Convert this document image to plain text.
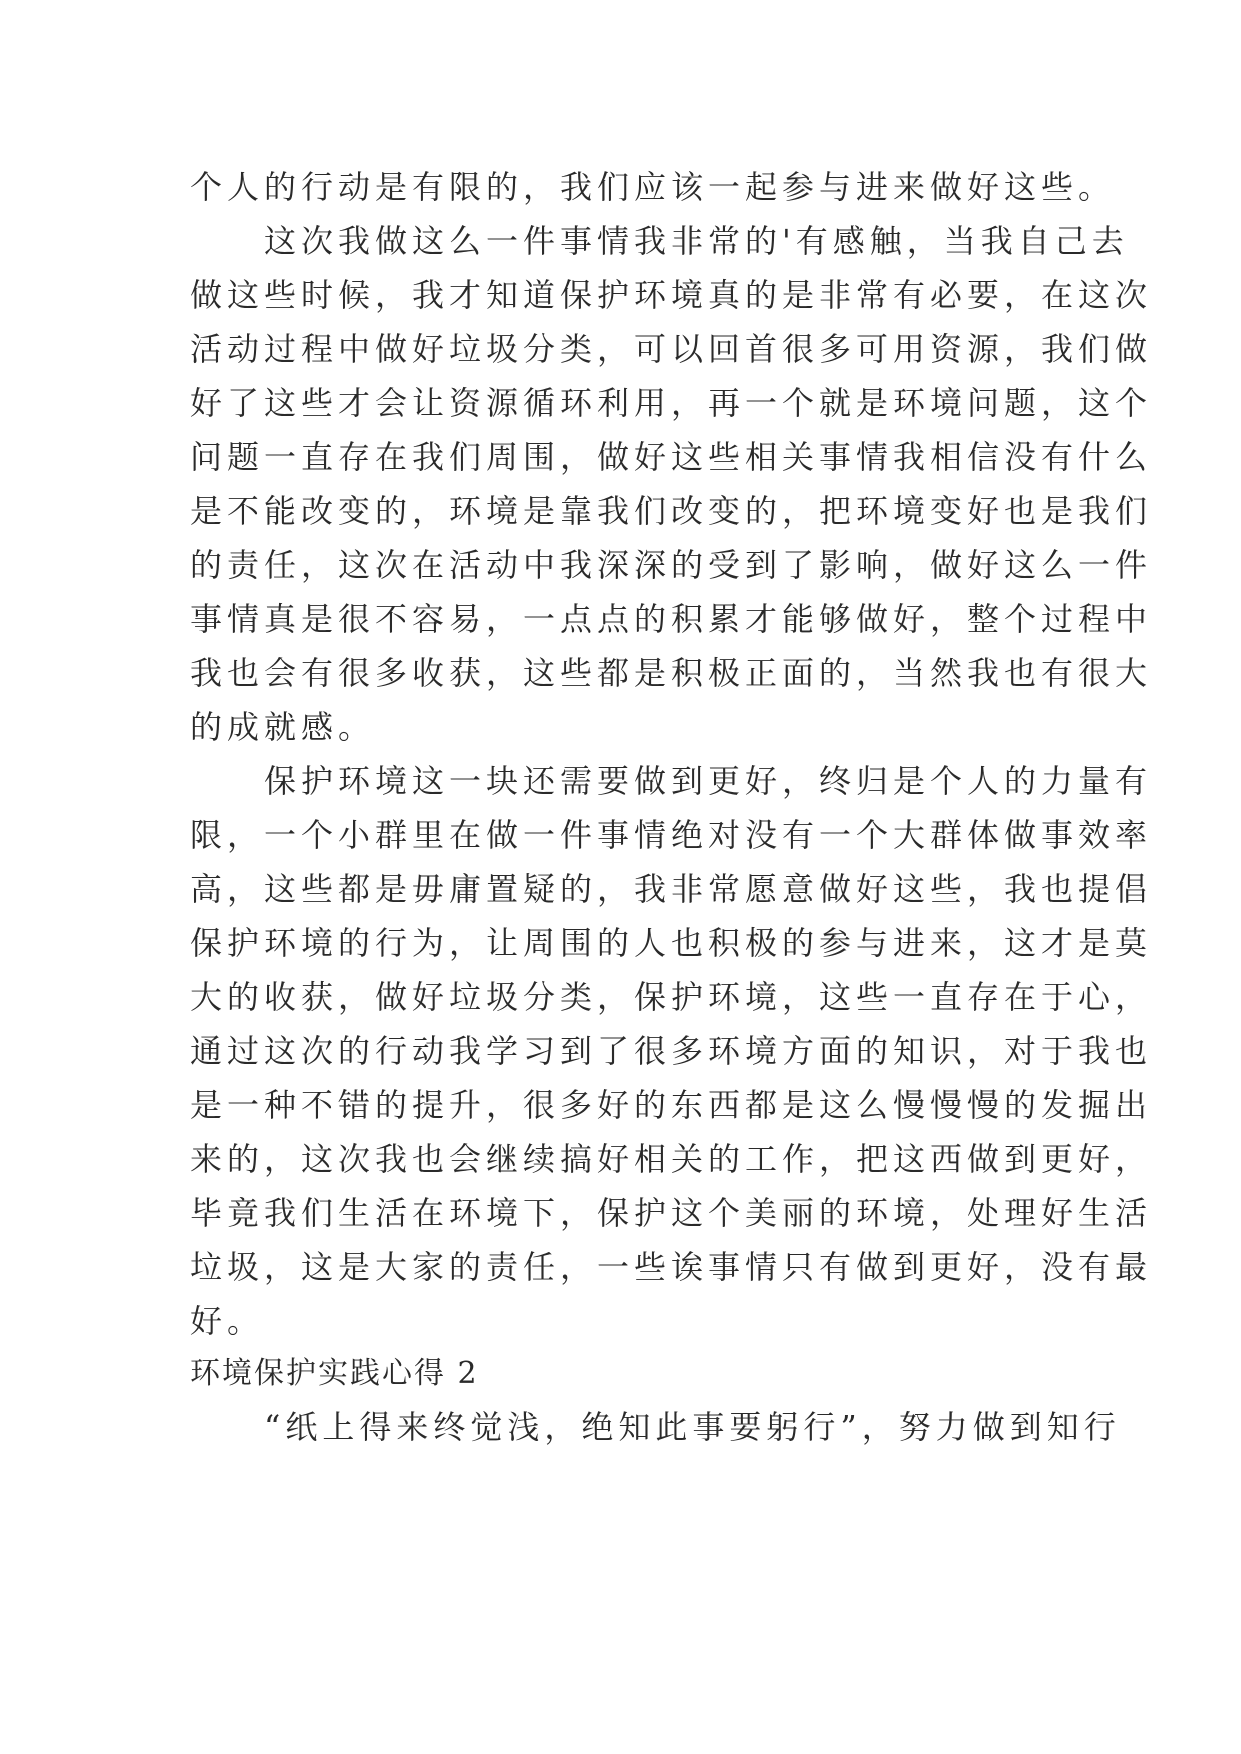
个人的行动是有限的，我们应该一起参与进来做好这些。
　　这次我做这么一件事情我非常的'有感触，当我自己去
做这些时候，我才知道保护环境真的是非常有必要，在这次
活动过程中做好垃圾分类，可以回首很多可用资源，我们做
好了这些才会让资源循环利用，再一个就是环境问题，这个
问题一直存在我们周围，做好这些相关事情我相信没有什么
是不能改变的，环境是靠我们改变的，把环境变好也是我们
的责任，这次在活动中我深深的受到了影响，做好这么一件
事情真是很不容易，一点点的积累才能够做好，整个过程中
我也会有很多收获，这些都是积极正面的，当然我也有很大
的成就感。
　　保护环境这一块还需要做到更好，终归是个人的力量有
限，一个小群里在做一件事情绝对没有一个大群体做事效率
高，这些都是毋庸置疑的，我非常愿意做好这些，我也提倡
保护环境的行为，让周围的人也积极的参与进来，这才是莫
大的收获，做好垃圾分类，保护环境，这些一直存在于心，
通过这次的行动我学习到了很多环境方面的知识，对于我也
是一种不错的提升，很多好的东西都是这么慢慢慢的发掘出
来的，这次我也会继续搞好相关的工作，把这西做到更好，
毕竟我们生活在环境下，保护这个美丽的环境，处理好生活
垃圾，这是大家的责任，一些诶事情只有做到更好，没有最
好。
环境保护实践心得 2
　　“纸上得来终觉浅，绝知此事要躬行”，努力做到知行
